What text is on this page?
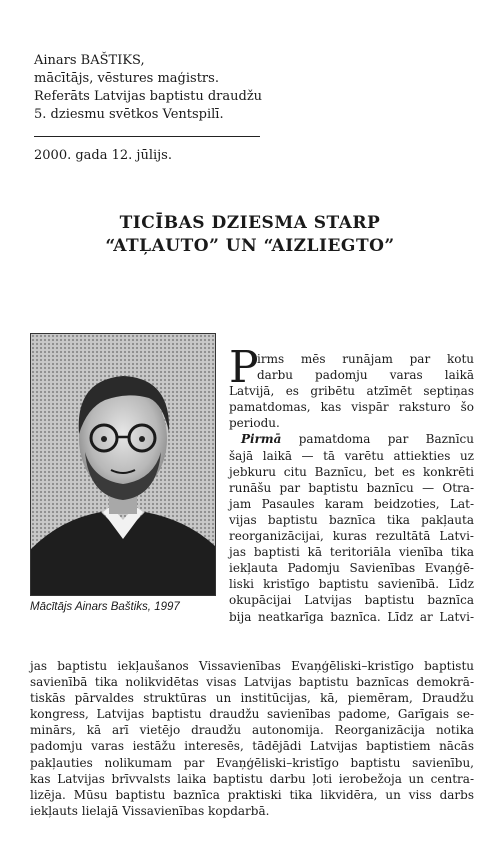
Ainars BAŠTIKS,
mācītājs, vēstures maģistrs.
Referāts Latvijas baptistu draudžu
5. dziesmu svētkos Ventspilī.
2000. gada 12. jūlijs.
TICĪBAS DZIESMA STARP
“ATĻAUTO” UN “AIZLIEGTO”
Mācītājs Ainars Baštiks, 1997
P
irms mēs runājam par kotu
darbu padomju varas laikā
Latvijā, es gribētu atzīmēt septiņas
pamatdomas, kas vispār raksturo šo
periodu.
Pirmā pamatdoma par Baznīcu
šajā laikā — tā varētu attiekties uz
jebkuru citu Baznīcu, bet es konkrēti
runāšu par baptistu baznīcu — Otra-
jam Pasaules karam beidzoties, Lat-
vijas baptistu baznīca tika pakļauta
reorganizācijai, kuras rezultātā Latvi-
jas baptisti kā teritoriāla vienība tika
iekļauta Padomju Savienības Evaņģē-
liski kristīgo baptistu savienībā. Līdz
okupācijai Latvijas baptistu baznīca
bija neatkarīga baznīca. Līdz ar Latvi-
jas baptistu iekļaušanos Vissavienības Evaņģēliski–kristīgo baptistu
savienībā tika nolikvidētas visas Latvijas baptistu baznīcas demokrā-
tiskās pārvaldes struktūras un institūcijas, kā, piemēram, Draudžu
kongress, Latvijas baptistu draudžu savienības padome, Garīgais se-
minārs, kā arī vietējo draudžu autonomija. Reorganizācija notika
padomju varas iestāžu interesēs, tādējādi Latvijas baptistiem nācās
pakļauties nolikumam par Evaņģēliski–kristīgo baptistu savienību,
kas Latvijas brīvvalsts laika baptistu darbu ļoti ierobežoja un centra-
lizēja. Mūsu baptistu baznīca praktiski tika likvidēra, un viss darbs
iekļauts lielajā Vissavienības kopdarbā.
